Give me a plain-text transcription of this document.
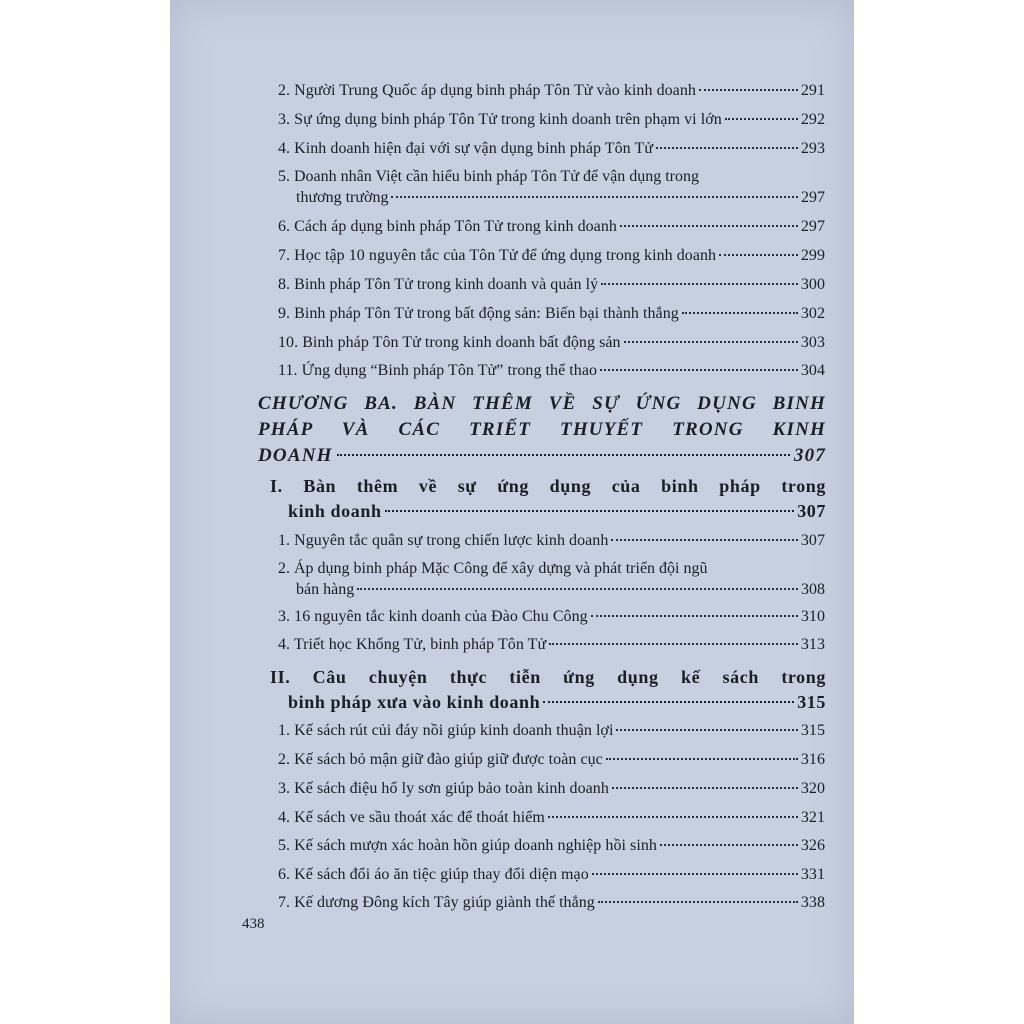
2. Người Trung Quốc áp dụng binh pháp Tôn Tử vào kinh doanh	291
3. Sự ứng dụng binh pháp Tôn Tử trong kinh doanh trên phạm vi lớn	292
4. Kinh doanh hiện đại với sự vận dụng binh pháp Tôn Tử	293
5. Doanh nhân Việt cần hiểu binh pháp Tôn Tử để vận dụng trong
thương trường	297
6. Cách áp dụng binh pháp Tôn Tử trong kinh doanh	297
7. Học tập 10 nguyên tắc của Tôn Tử để ứng dụng trong kinh doanh	299
8. Binh pháp Tôn Tử trong kinh doanh và quản lý	300
9. Binh pháp Tôn Tử trong bất động sản: Biến bại thành thắng	302
10. Binh pháp Tôn Tử trong kinh doanh bất động sản	303
11. Ứng dụng “Binh pháp Tôn Tử” trong thể thao	304
CHƯƠNG BA. BÀN THÊM VỀ SỰ ỨNG DỤNG BINH
PHÁP VÀ CÁC TRIẾT THUYẾT TRONG KINH
DOANH	307
I. Bàn thêm về sự ứng dụng của binh pháp trong
kinh doanh	307
1. Nguyên tắc quân sự trong chiến lược kinh doanh	307
2. Áp dụng binh pháp Mặc Công để xây dựng và phát triển đội ngũ
bán hàng	308
3. 16 nguyên tắc kinh doanh của Đào Chu Công	310
4. Triết học Khổng Tử, binh pháp Tôn Tử	313
II. Câu chuyện thực tiễn ứng dụng kế sách trong
binh pháp xưa vào kinh doanh	315
1. Kế sách rút củi đáy nồi giúp kinh doanh thuận lợi	315
2. Kế sách bỏ mận giữ đào giúp giữ được toàn cục	316
3. Kế sách điệu hổ ly sơn giúp bảo toàn kinh doanh	320
4. Kế sách ve sầu thoát xác để thoát hiểm	321
5. Kế sách mượn xác hoàn hồn giúp doanh nghiệp hồi sinh	326
6. Kế sách đổi áo ăn tiệc giúp thay đổi diện mạo	331
7. Kế dương Đông kích Tây giúp giành thế thắng	338
438
